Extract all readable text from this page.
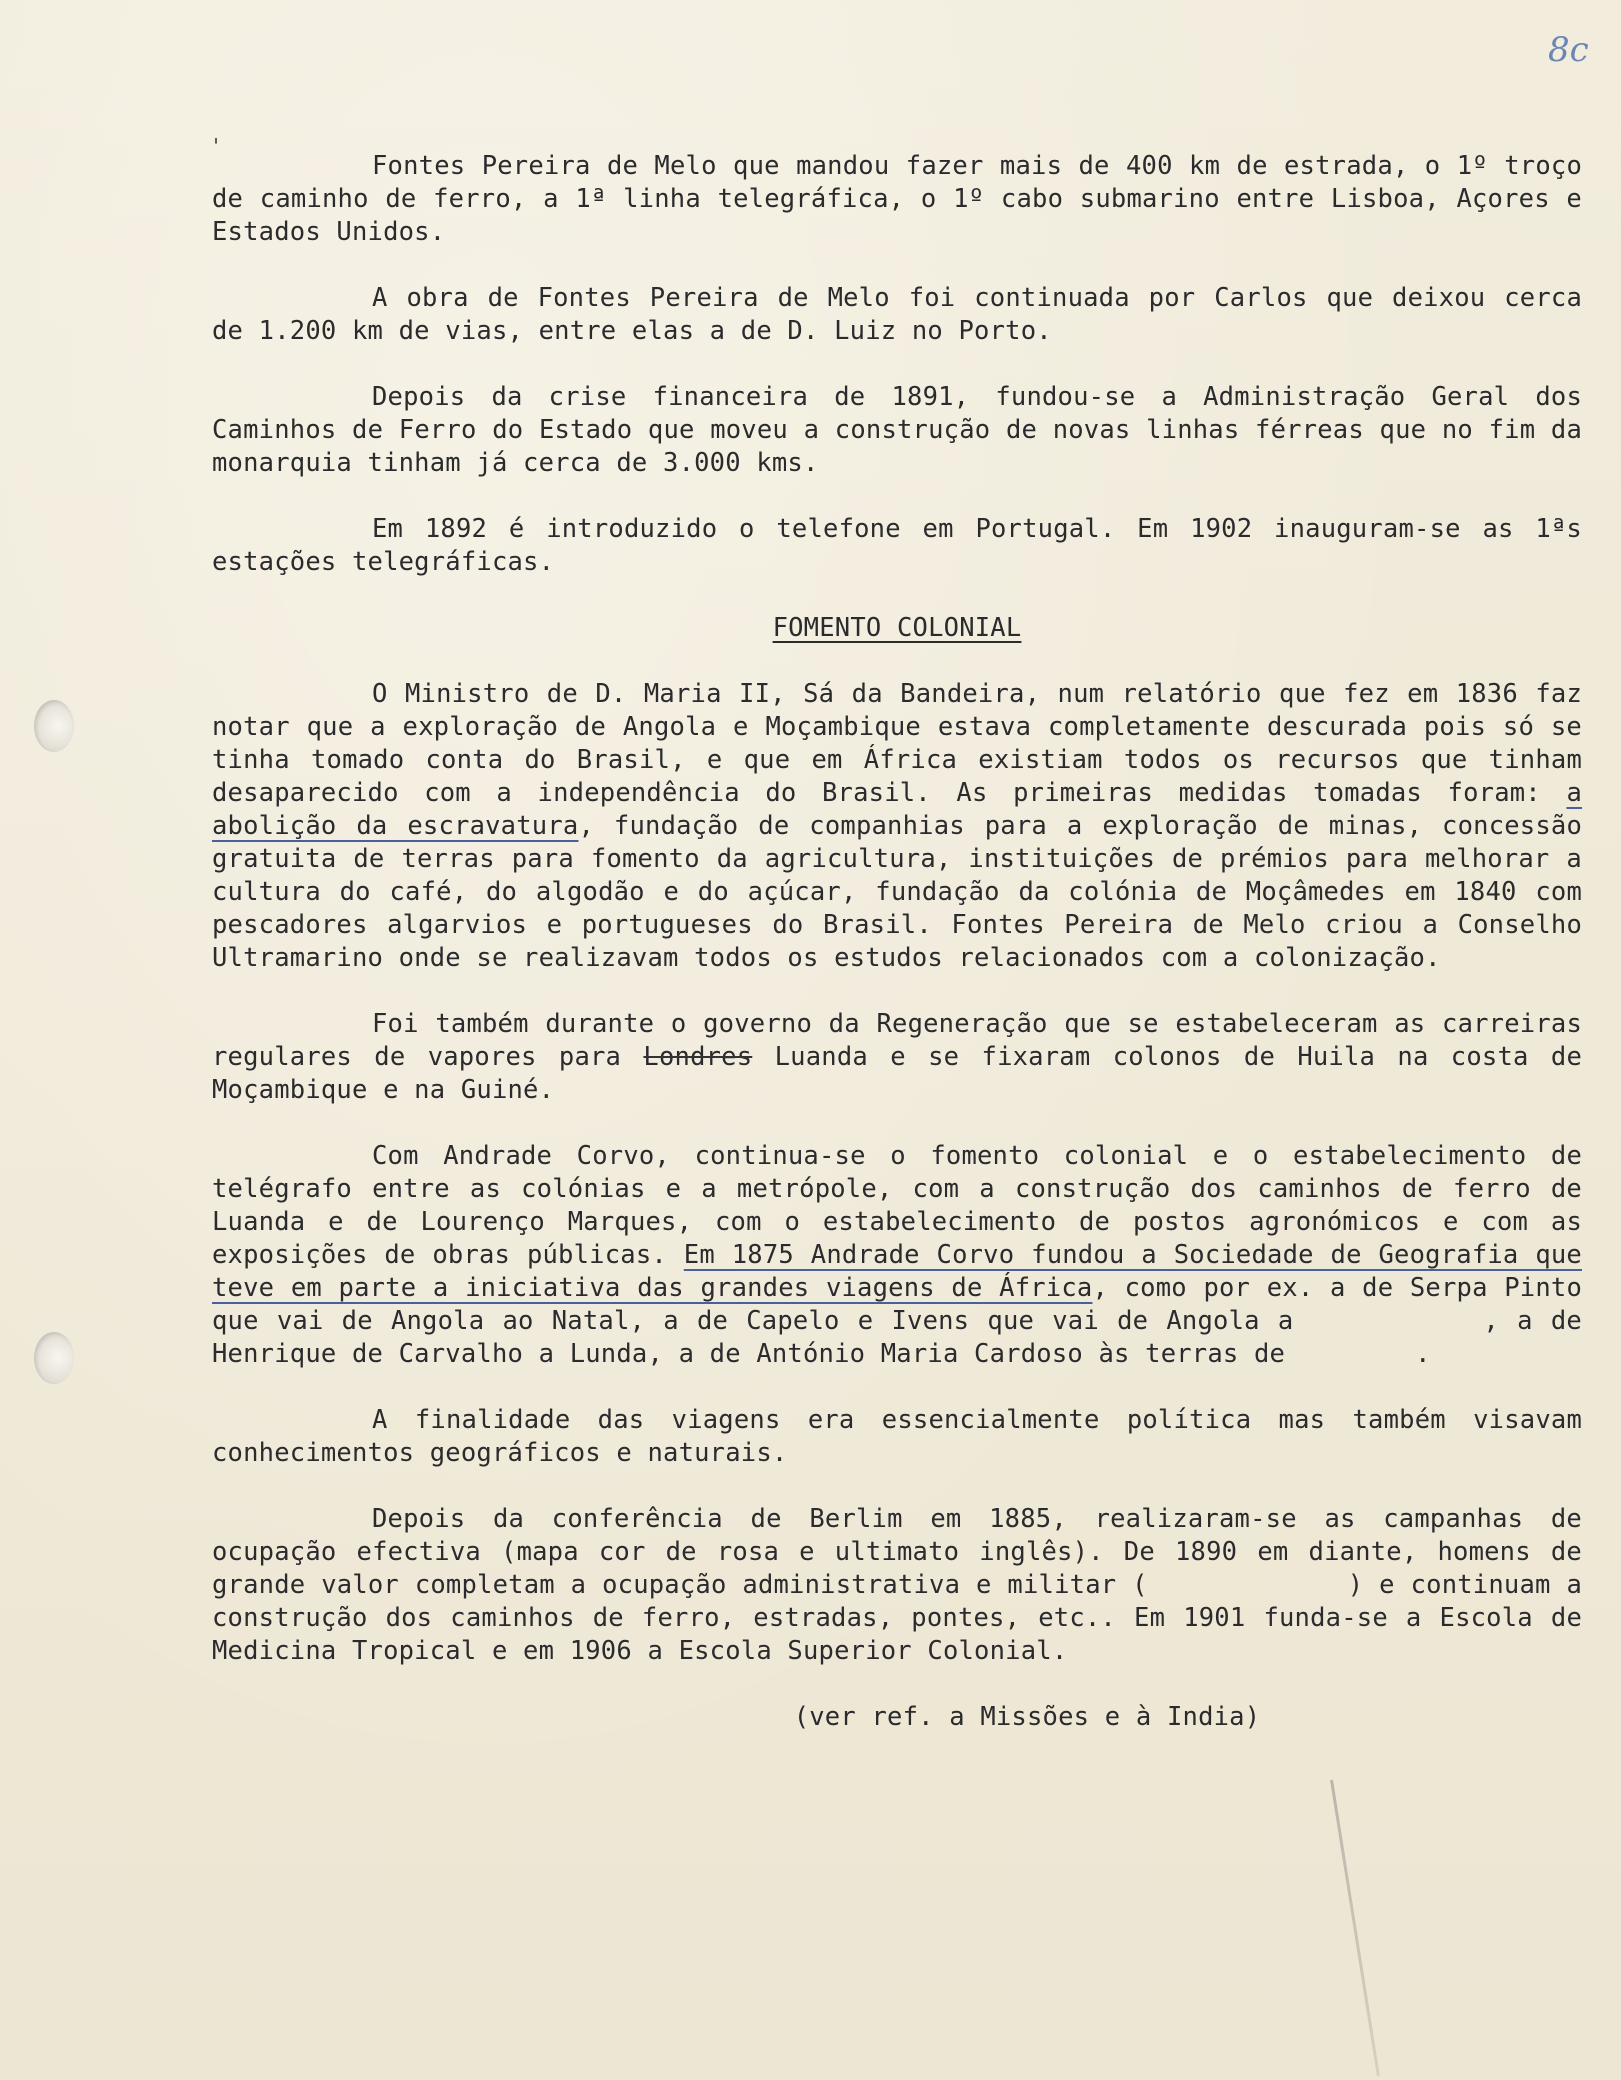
8c
'

Fontes Pereira de Melo que mandou fazer mais de 400 km de estrada, o 1º troço de caminho de ferro, a 1ª linha telegráfica, o 1º cabo submarino entre Lisboa, Açores e Estados Unidos.

A obra de Fontes Pereira de Melo foi continuada por Carlos que deixou cerca de 1.200 km de vias, entre elas a de D. Luiz no Porto.

Depois da crise financeira de 1891, fundou-se a Administração Geral dos Caminhos de Ferro do Estado que moveu a construção de novas linhas férreas que no fim da monarquia tinham já cerca de 3.000 kms.

Em 1892 é introduzido o telefone em Portugal. Em 1902 inauguram-se as 1ªs estações telegráficas.

FOMENTO COLONIAL

O Ministro de D. Maria II, Sá da Bandeira, num relatório que fez em 1836 faz notar que a exploração de Angola e Moçambique estava completamente descurada pois só se tinha tomado conta do Brasil, e que em África existiam todos os recursos que tinham desaparecido com a independência do Brasil. As primeiras medidas tomadas foram: a abolição da escravatura, fundação de companhias para a exploração de minas, concessão gratuita de terras para fomento da agricultura, instituições de prémios para melhorar a cultura do café, do algodão e do açúcar, fundação da colónia de Moçâmedes em 1840 com pescadores algarvios e portugueses do Brasil. Fontes Pereira de Melo criou a Conselho Ultramarino onde se realizavam todos os estudos relacionados com a colonização.

Foi também durante o governo da Regeneração que se estabeleceram as carreiras regulares de vapores para Londres Luanda e se fixaram colonos de Huila na costa de Moçambique e na Guiné.

Com Andrade Corvo, continua-se o fomento colonial e o estabelecimento de telégrafo entre as colónias e a metrópole, com a construção dos caminhos de ferro de Luanda e de Lourenço Marques, com o estabelecimento de postos agronómicos e com as exposições de obras públicas. Em 1875 Andrade Corvo fundou a Sociedade de Geografia que teve em parte a iniciativa das grandes viagens de África, como por ex. a de Serpa Pinto que vai de Angola ao Natal, a de Capelo e Ivens que vai de Angola a	, a de Henrique de Carvalho a Lunda, a de António Maria Cardoso às terras de	.

A finalidade das viagens era essencialmente política mas também visavam conhecimentos geográficos e naturais.

Depois da conferência de Berlim em 1885, realizaram-se as campanhas de ocupação efectiva (mapa cor de rosa e ultimato inglês). De 1890 em diante, homens de grande valor completam a ocupação administrativa e militar (	) e continuam a construção dos caminhos de ferro, estradas, pontes, etc.. Em 1901 funda-se a Escola de Medicina Tropical e em 1906 a Escola Superior Colonial.

(ver ref. a Missões e à India)
